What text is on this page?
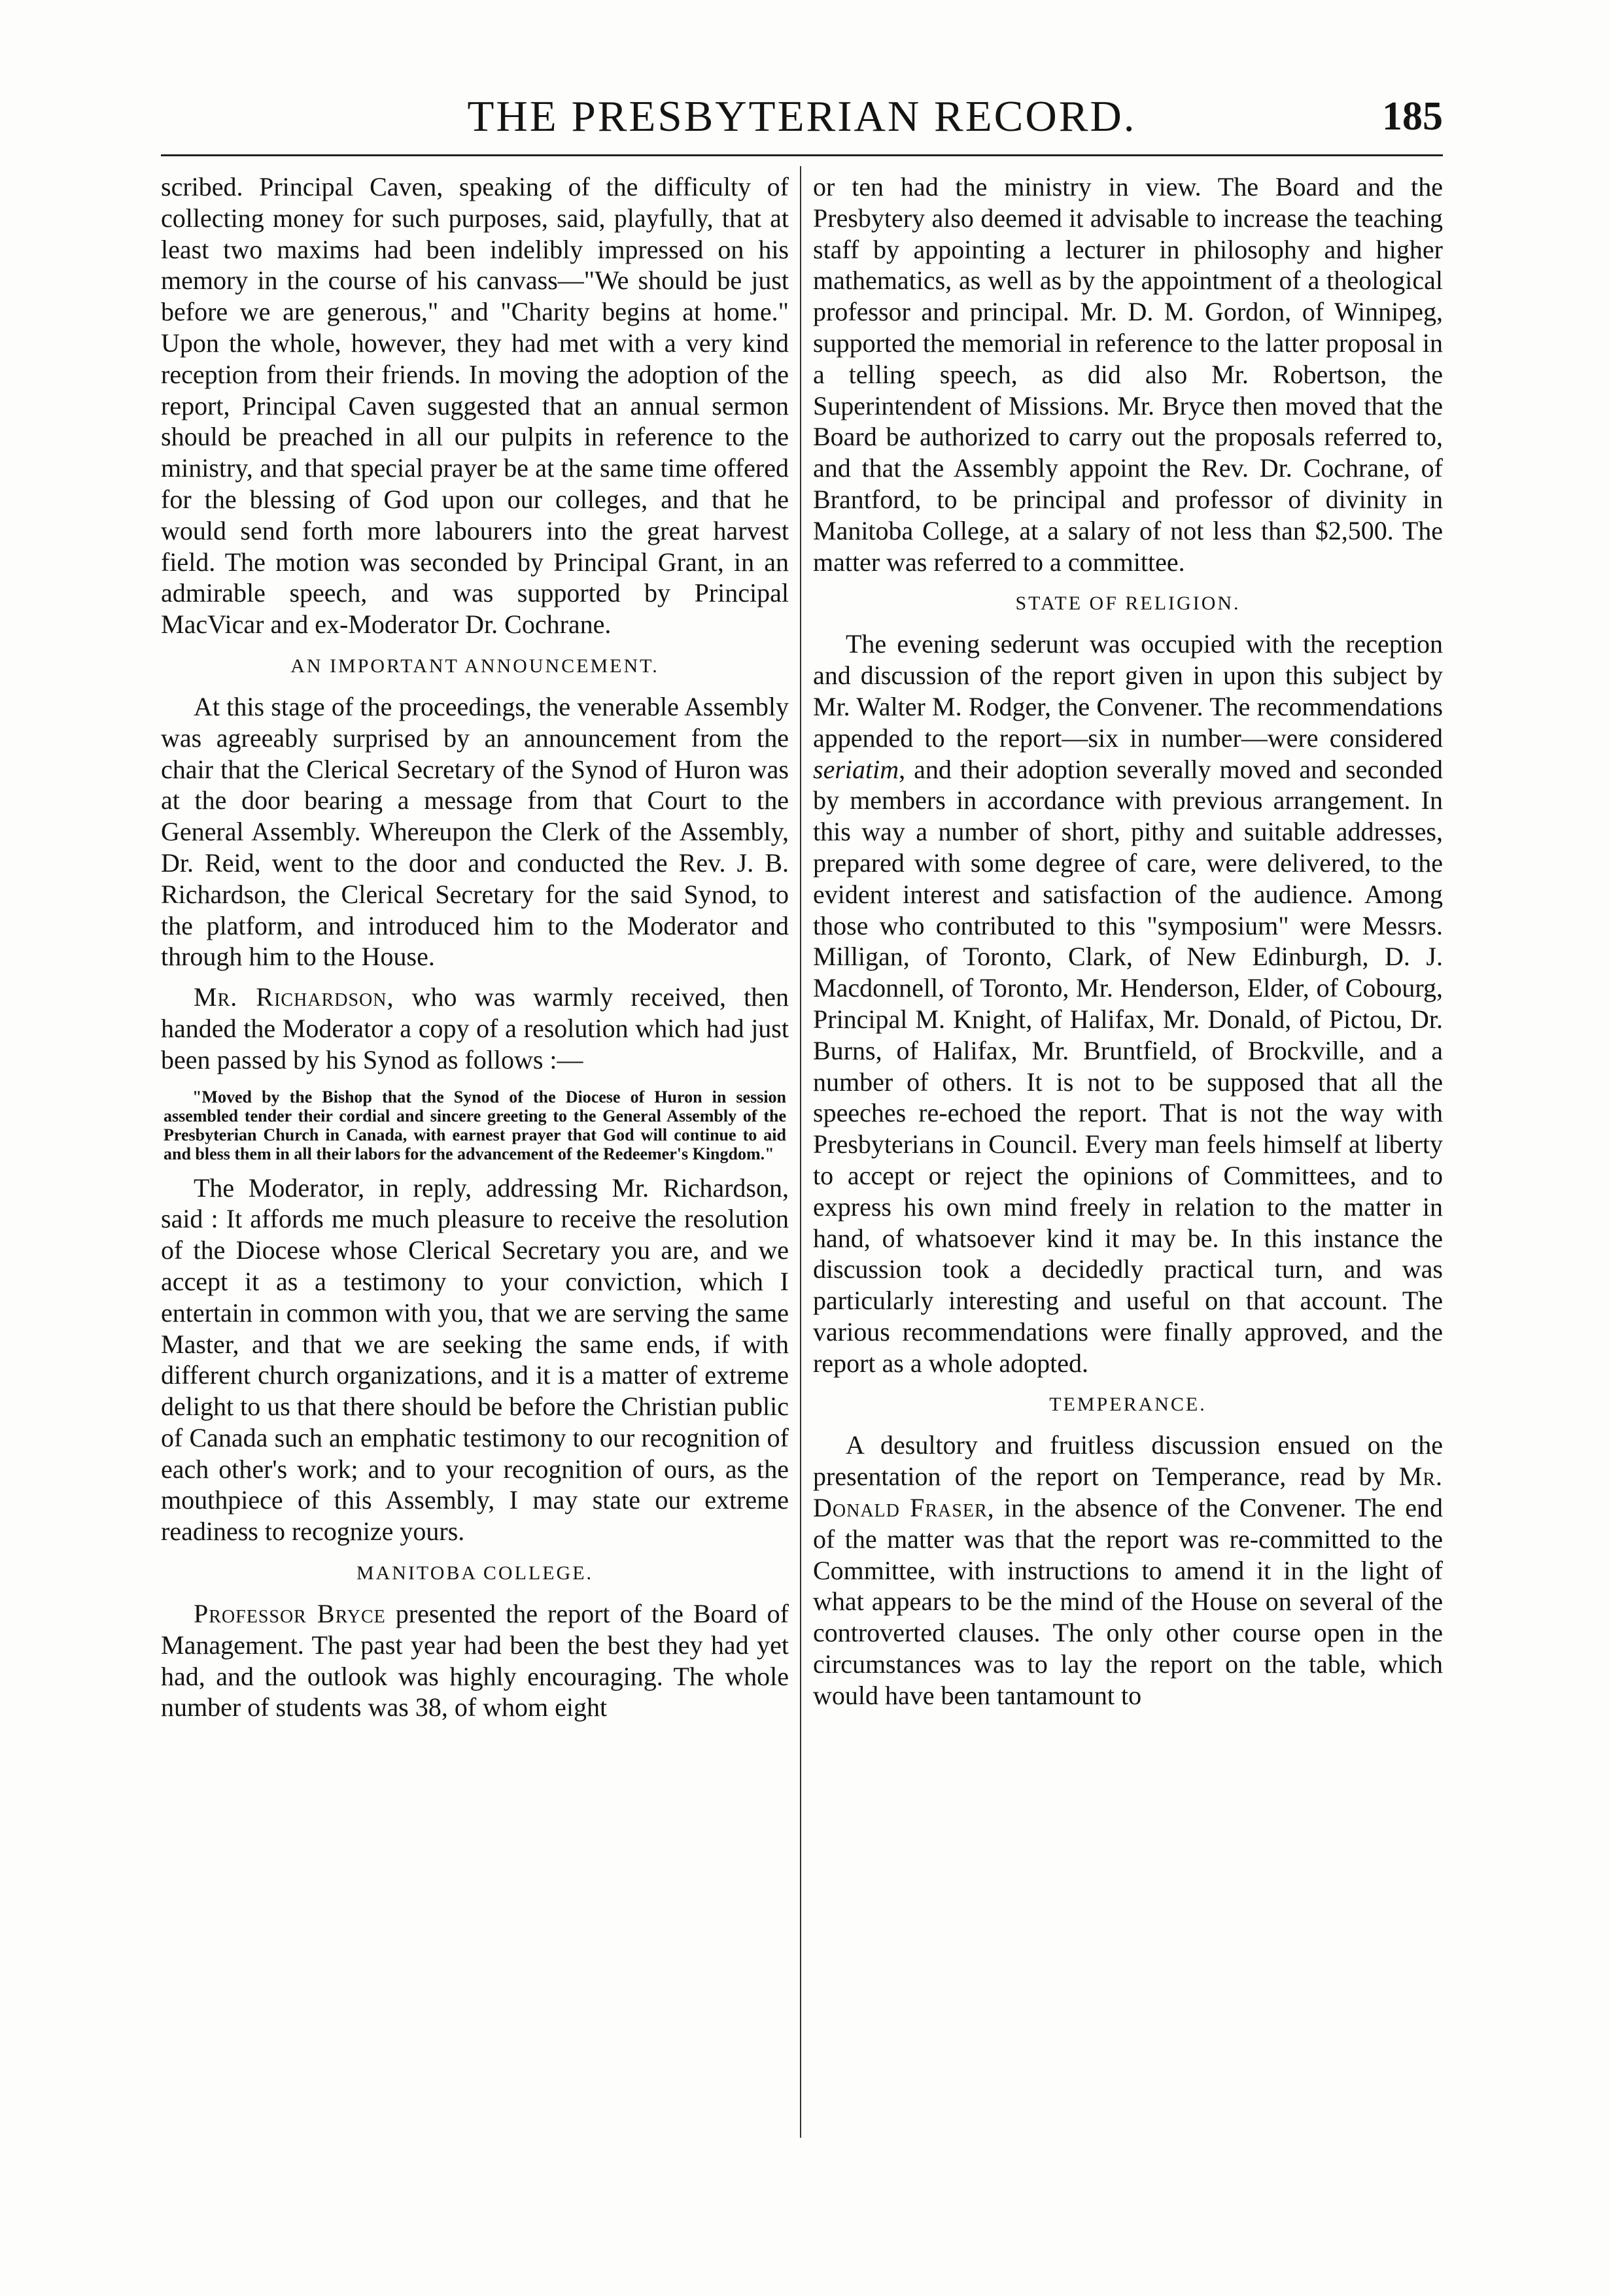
THE PRESBYTERIAN RECORD.	185

scribed. Principal Caven, speaking of the difficulty of collecting money for such purposes, said, playfully, that at least two maxims had been indelibly impressed on his memory in the course of his canvass—"We should be just before we are generous," and "Charity begins at home." Upon the whole, however, they had met with a very kind reception from their friends. In moving the adoption of the report, Principal Caven suggested that an annual sermon should be preached in all our pulpits in reference to the ministry, and that special prayer be at the same time offered for the blessing of God upon our colleges, and that he would send forth more labourers into the great harvest field. The motion was seconded by Principal Grant, in an admirable speech, and was supported by Principal MacVicar and ex-Moderator Dr. Cochrane.

AN IMPORTANT ANNOUNCEMENT.

At this stage of the proceedings, the venerable Assembly was agreeably surprised by an announcement from the chair that the Clerical Secretary of the Synod of Huron was at the door bearing a message from that Court to the General Assembly. Whereupon the Clerk of the Assembly, Dr. Reid, went to the door and conducted the Rev. J. B. Richardson, the Clerical Secretary for the said Synod, to the platform, and introduced him to the Moderator and through him to the House.

Mr. Richardson, who was warmly received, then handed the Moderator a copy of a resolution which had just been passed by his Synod as follows :—

"Moved by the Bishop that the Synod of the Diocese of Huron in session assembled tender their cordial and sincere greeting to the General Assembly of the Presbyterian Church in Canada, with earnest prayer that God will continue to aid and bless them in all their labors for the advancement of the Redeemer's Kingdom."

The Moderator, in reply, addressing Mr. Richardson, said : It affords me much pleasure to receive the resolution of the Diocese whose Clerical Secretary you are, and we accept it as a testimony to your conviction, which I entertain in common with you, that we are serving the same Master, and that we are seeking the same ends, if with different church organizations, and it is a matter of extreme delight to us that there should be before the Christian public of Canada such an emphatic testimony to our recognition of each other's work; and to your recognition of ours, as the mouthpiece of this Assembly, I may state our extreme readiness to recognize yours.

MANITOBA COLLEGE.

Professor Bryce presented the report of the Board of Management. The past year had been the best they had yet had, and the outlook was highly encouraging. The whole number of students was 38, of whom eight

or ten had the ministry in view. The Board and the Presbytery also deemed it advisable to increase the teaching staff by appointing a lecturer in philosophy and higher mathematics, as well as by the appointment of a theological professor and principal. Mr. D. M. Gordon, of Winnipeg, supported the memorial in reference to the latter proposal in a telling speech, as did also Mr. Robertson, the Superintendent of Missions. Mr. Bryce then moved that the Board be authorized to carry out the proposals referred to, and that the Assembly appoint the Rev. Dr. Cochrane, of Brantford, to be principal and professor of divinity in Manitoba College, at a salary of not less than $2,500. The matter was referred to a committee.

STATE OF RELIGION.

The evening sederunt was occupied with the reception and discussion of the report given in upon this subject by Mr. Walter M. Rodger, the Convener. The recommendations appended to the report—six in number—were considered seriatim, and their adoption severally moved and seconded by members in accordance with previous arrangement. In this way a number of short, pithy and suitable addresses, prepared with some degree of care, were delivered, to the evident interest and satisfaction of the audience. Among those who contributed to this "symposium" were Messrs. Milligan, of Toronto, Clark, of New Edinburgh, D. J. Macdonnell, of Toronto, Mr. Henderson, Elder, of Cobourg, Principal M. Knight, of Halifax, Mr. Donald, of Pictou, Dr. Burns, of Halifax, Mr. Bruntfield, of Brockville, and a number of others. It is not to be supposed that all the speeches re-echoed the report. That is not the way with Presbyterians in Council. Every man feels himself at liberty to accept or reject the opinions of Committees, and to express his own mind freely in relation to the matter in hand, of whatsoever kind it may be. In this instance the discussion took a decidedly practical turn, and was particularly interesting and useful on that account. The various recommendations were finally approved, and the report as a whole adopted.

TEMPERANCE.

A desultory and fruitless discussion ensued on the presentation of the report on Temperance, read by Mr. Donald Fraser, in the absence of the Convener. The end of the matter was that the report was re-committed to the Committee, with instructions to amend it in the light of what appears to be the mind of the House on several of the controverted clauses. The only other course open in the circumstances was to lay the report on the table, which would have been tantamount to
